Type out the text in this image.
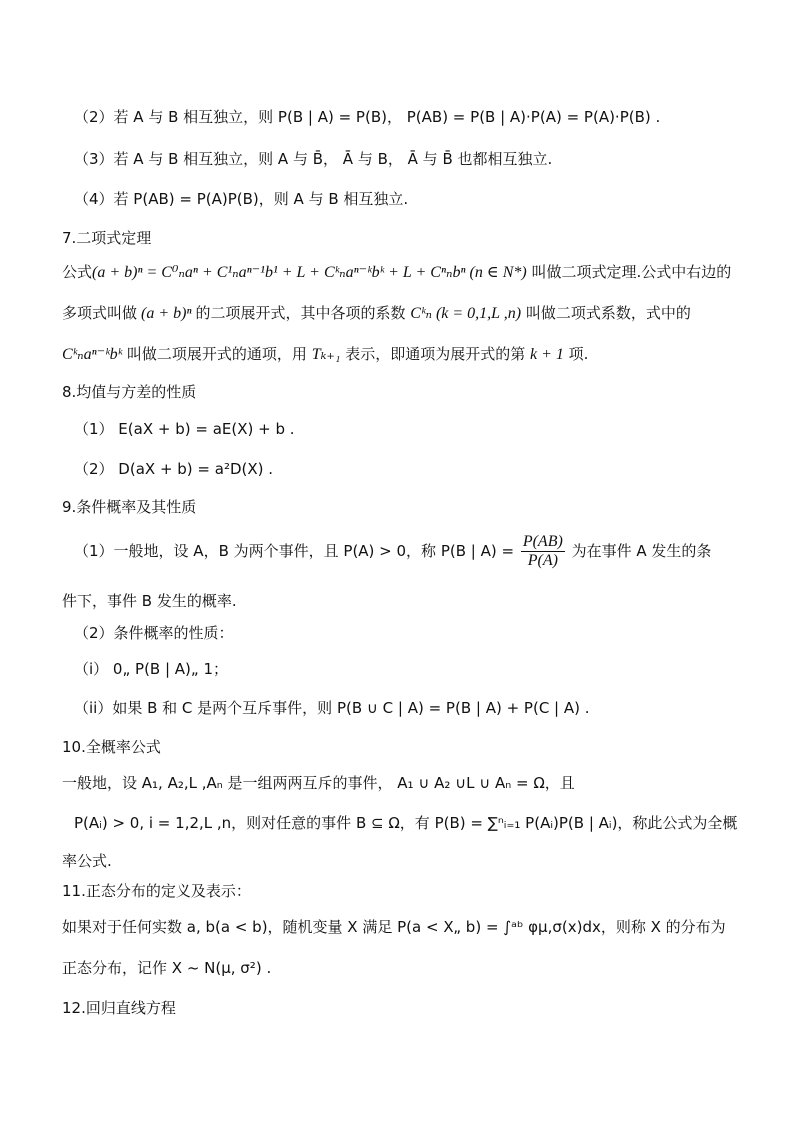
（2）若 A 与 B 相互独立，则 P(B | A) = P(B)， P(AB) = P(B | A)·P(A) = P(A)·P(B) .
（3）若 A 与 B 相互独立，则 A 与 B̄， Ā 与 B， Ā 与 B̄ 也都相互独立.
（4）若 P(AB) = P(A)P(B)，则 A 与 B 相互独立.
7.二项式定理
公式(a + b)ⁿ = C⁰ₙaⁿ + C¹ₙaⁿ⁻¹b¹ + L + Cᵏₙaⁿ⁻ᵏbᵏ + L + Cⁿₙbⁿ (n ∈ N*) 叫做二项式定理.公式中右边的
多项式叫做 (a + b)ⁿ 的二项展开式，其中各项的系数 Cᵏₙ (k = 0,1,L ,n) 叫做二项式系数，式中的
Cᵏₙaⁿ⁻ᵏbᵏ 叫做二项展开式的通项，用 Tₖ₊₁ 表示，即通项为展开式的第 k + 1 项.
8.均值与方差的性质
（1） E(aX + b) = aE(X) + b .
（2） D(aX + b) = a²D(X) .
9.条件概率及其性质
（1）一般地，设 A，B 为两个事件，且 P(A) > 0，称 P(B | $A) = \frac{P(AB)}{P(A)}$ 为在事件 A 发生的条
件下，事件 B 发生的概率.
（2）条件概率的性质：
（i） 0„ P(B | A)„ 1；
（ii）如果 B 和 C 是两个互斥事件，则 P(B ∪ C | A) = P(B | A) + P(C | A) .
10.全概率公式
一般地，设 A₁, A₂,L ,Aₙ 是一组两两互斥的事件， A₁ ∪ A₂ ∪L ∪ Aₙ = Ω，且
P(Aᵢ) > 0, i = 1,2,L ,n，则对任意的事件 B ⊆ Ω，有 P(B) = ∑ⁿᵢ₌₁ P(Aᵢ)P(B | Aᵢ)，称此公式为全概
率公式.
11.正态分布的定义及表示：
如果对于任何实数 a, b(a < b)，随机变量 X 满足 P(a < X„ b) = ∫ᵃᵇ φμ,σ(x)dx，则称 X 的分布为
正态分布，记作 X ~ N(μ, σ²) .
12.回归直线方程
